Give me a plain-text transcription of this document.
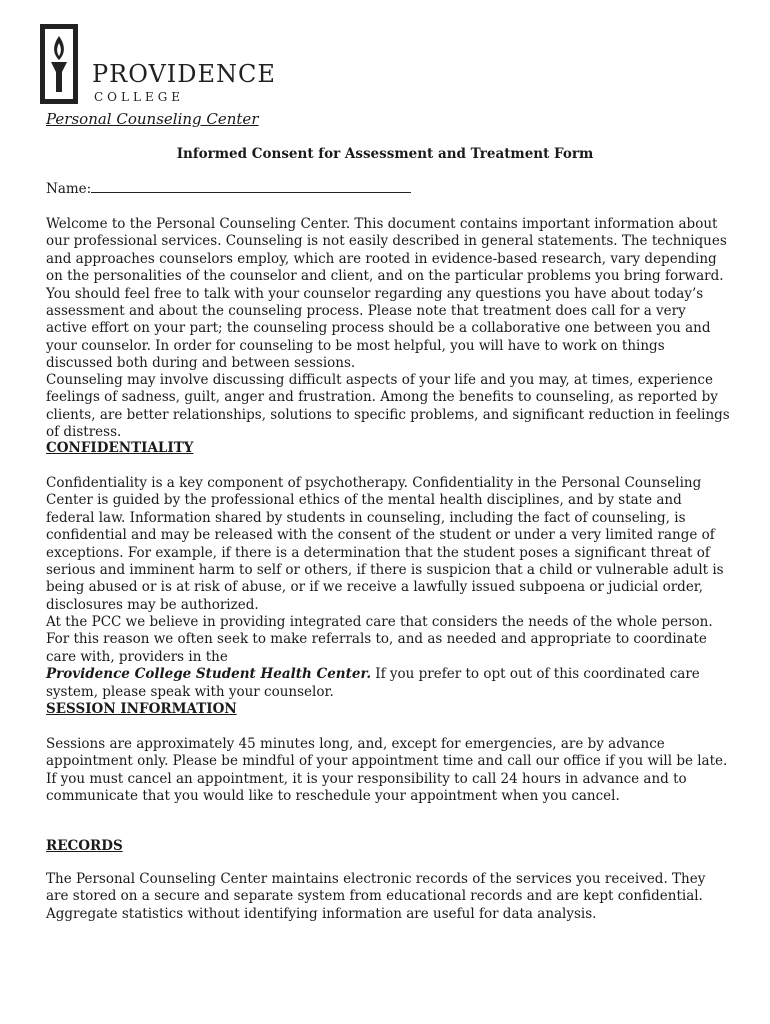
PROVIDENCE
COLLEGE
Personal Counseling Center
Informed Consent for Assessment and Treatment Form
Name:

Welcome to the Personal Counseling Center. This document contains important information about our professional services. Counseling is not easily described in general statements. The techniques and approaches counselors employ, which are rooted in evidence-based research, vary depending on the personalities of the counselor and client, and on the particular problems you bring forward. You should feel free to talk with your counselor regarding any questions you have about today’s assessment and about the counseling process. Please note that treatment does call for a very active effort on your part; the counseling process should be a collaborative one between you and your counselor. In order for counseling to be most helpful, you will have to work on things discussed both during and between sessions.

Counseling may involve discussing difficult aspects of your life and you may, at times, experience feelings of sadness, guilt, anger and frustration. Among the benefits to counseling, as reported by clients, are better relationships, solutions to specific problems, and significant reduction in feelings of distress.

CONFIDENTIALITY

Confidentiality is a key component of psychotherapy. Confidentiality in the Personal Counseling Center is guided by the professional ethics of the mental health disciplines, and by state and federal law. Information shared by students in counseling, including the fact of counseling, is confidential and may be released with the consent of the student or under a very limited range of exceptions. For example, if there is a determination that the student poses a significant threat of serious and imminent harm to self or others, if there is suspicion that a child or vulnerable adult is being abused or is at risk of abuse, or if we receive a lawfully issued subpoena or judicial order, disclosures may be authorized.

At the PCC we believe in providing integrated care that considers the needs of the whole person. For this reason we often seek to make referrals to, and as needed and appropriate to coordinate care with, providers in the
Providence College Student Health Center. If you prefer to opt out of this coordinated care system, please speak with your counselor.

SESSION INFORMATION

Sessions are approximately 45 minutes long, and, except for emergencies, are by advance appointment only. Please be mindful of your appointment time and call our office if you will be late. If you must cancel an appointment, it is your responsibility to call 24 hours in advance and to communicate that you would like to reschedule your appointment when you cancel.

RECORDS

The Personal Counseling Center maintains electronic records of the services you received. They are stored on a secure and separate system from educational records and are kept confidential. Aggregate statistics without identifying information are useful for data analysis.
